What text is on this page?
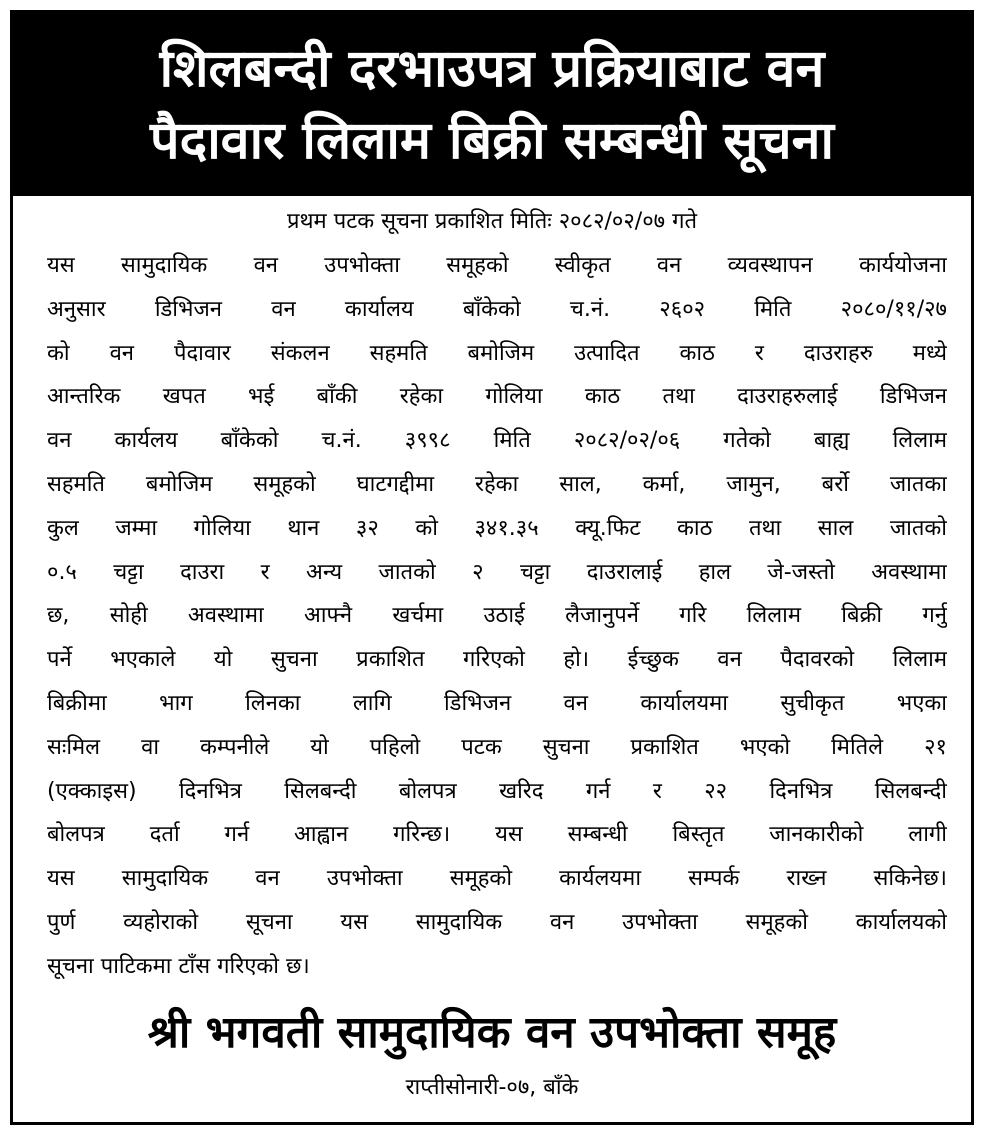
शिलबन्दी दरभाउपत्र प्रक्रियाबाट वन
पैदावार लिलाम बिक्री सम्बन्धी सूचना
प्रथम पटक सूचना प्रकाशित मितिः २०८२/०२/०७ गते
यस सामुदायिक वन उपभोक्ता समूहको स्वीकृत वन व्यवस्थापन कार्ययोजना
अनुसार डिभिजन वन कार्यालय बाँकेको च.नं. २६०२ मिति २०८०/११/२७
को वन पैदावार संकलन सहमति बमोजिम उत्पादित काठ र दाउराहरु मध्ये
आन्तरिक खपत भई बाँकी रहेका गोलिया काठ तथा दाउराहरुलाई डिभिजन
वन कार्यलय बाँकेको च.नं. ३९९८ मिति २०८२/०२/०६ गतेको बाह्य लिलाम
सहमति बमोजिम समूहको घाटगद्दीमा रहेका साल, कर्मा, जामुन, बर्रो जातका
कुल जम्मा गोलिया थान ३२ को ३४१.३५ क्यू.फिट काठ तथा साल जातको
०.५ चट्टा दाउरा र अन्य जातको २ चट्टा दाउरालाई हाल जे-जस्तो अवस्थामा
छ, सोही अवस्थामा आफ्नै खर्चमा उठाई लैजानुपर्ने गरि लिलाम बिक्री गर्नु
पर्ने भएकाले यो सुचना प्रकाशित गरिएको हो। ईच्छुक वन पैदावरको लिलाम
बिक्रीमा भाग लिनका लागि डिभिजन वन कार्यालयमा सुचीकृत भएका
सःमिल वा कम्पनीले यो पहिलो पटक सुचना प्रकाशित भएको मितिले २१
(एक्काइस) दिनभित्र सिलबन्दी बोलपत्र खरिद गर्न र २२ दिनभित्र सिलबन्दी
बोलपत्र दर्ता गर्न आह्वान गरिन्छ। यस सम्बन्धी बिस्तृत जानकारीको लागी
यस सामुदायिक वन उपभोक्ता समूहको कार्यलयमा सम्पर्क राख्न सकिनेछ।
पुर्ण व्यहोराको सूचना यस सामुदायिक वन उपभोक्ता समूहको कार्यालयको
सूचना पाटिकमा टाँस गरिएको छ।
श्री भगवती सामुदायिक वन उपभोक्ता समूह
राप्तीसोनारी-०७, बाँके
